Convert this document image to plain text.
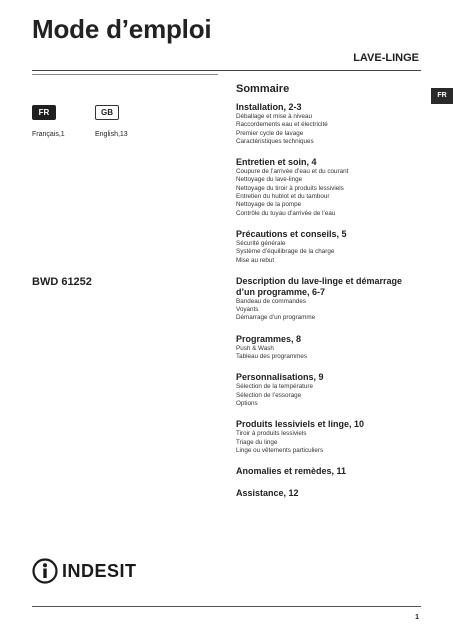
Mode d’emploi
LAVE-LINGE
FR
Français,1
GB
English,13
FR
BWD 61252
Sommaire
Installation, 2-3
Déballage et mise à niveau
Raccordements eau et électricité
Premier cycle de lavage
Caractéristiques techniques
Entretien et soin, 4
Coupure de l’arrivée d’eau et du courant
Nettoyage du lave-linge
Nettoyage du tiroir à produits lessiviels
Entretien du hublot et du tambour
Nettoyage de la pompe
Contrôle du tuyau d’arrivée de l’eau
Précautions et conseils, 5
Sécurité générale
Système d’équilibrage de la charge
Mise au rebut
Description du lave-linge et démarrage d’un programme, 6-7
Bandeau de commandes
Voyants
Démarrage d’un programme
Programmes, 8
Push & Wash
Tableau des programmes
Personnalisations, 9
Sélection de la température
Sélection de l’essorage
Options
Produits lessiviels et linge, 10
Tiroir à produits lessiviels
Triage du linge
Linge ou vêtements particuliers
Anomalies et remèdes, 11
Assistance, 12
INDESIT
1
